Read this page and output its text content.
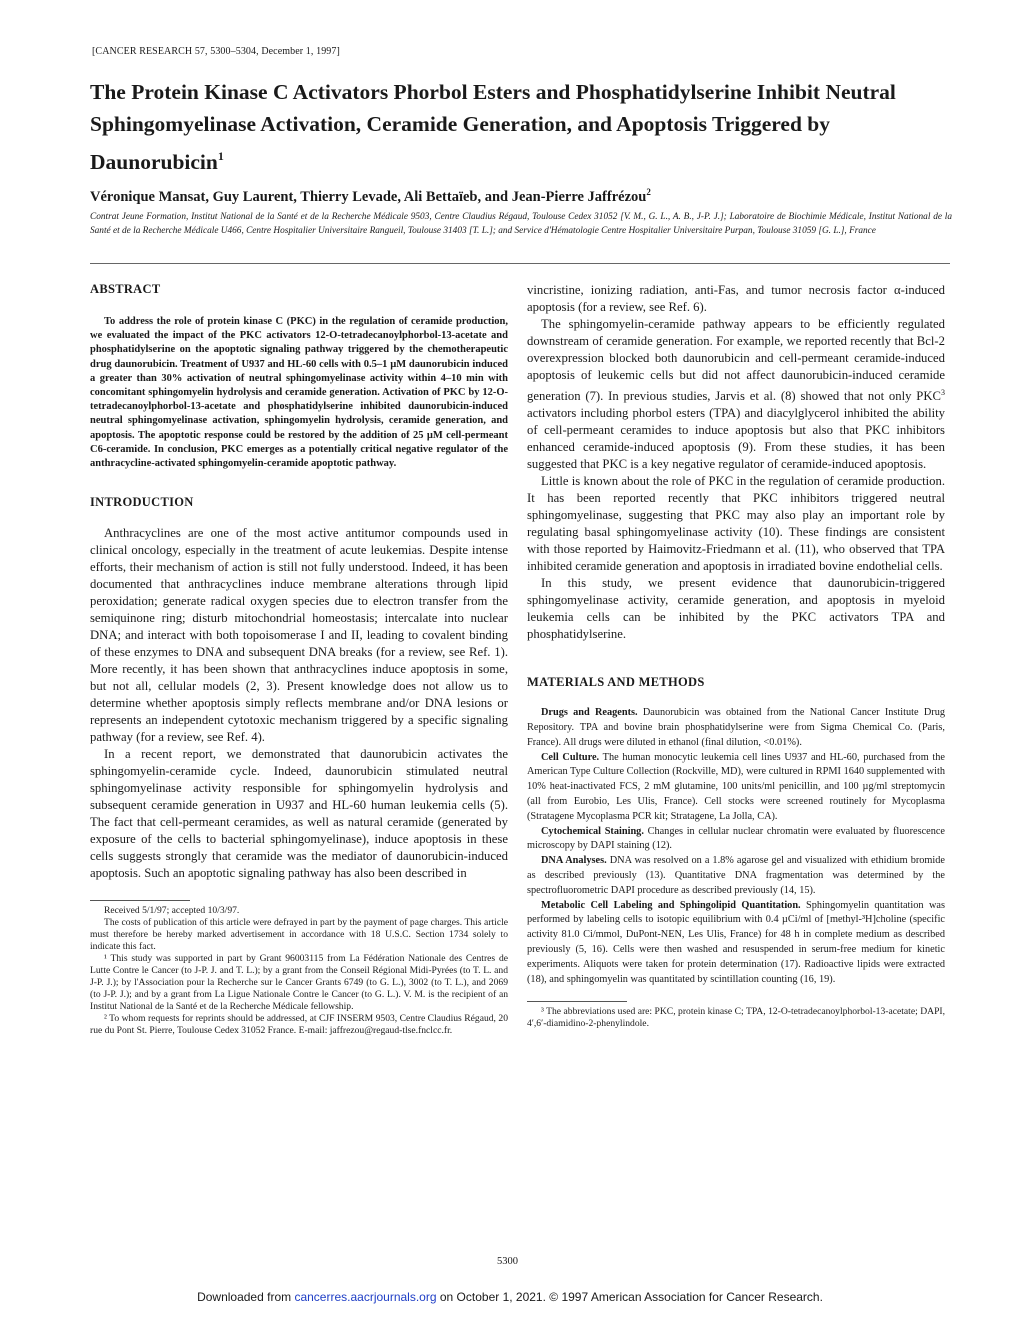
[CANCER RESEARCH 57, 5300–5304, December 1, 1997]
The Protein Kinase C Activators Phorbol Esters and Phosphatidylserine Inhibit Neutral Sphingomyelinase Activation, Ceramide Generation, and Apoptosis Triggered by Daunorubicin$^1$
Véronique Mansat, Guy Laurent, Thierry Levade, Ali Bettaïeb, and Jean-Pierre Jaffrézou$^2$
Contrat Jeune Formation, Institut National de la Santé et de la Recherche Médicale 9503, Centre Claudius Régaud, Toulouse Cedex 31052 [V. M., G. L., A. B., J-P. J.]; Laboratoire de Biochimie Médicale, Institut National de la Santé et de la Recherche Médicale U466, Centre Hospitalier Universitaire Rangueil, Toulouse 31403 [T. L.]; and Service d'Hématologie Centre Hospitalier Universitaire Purpan, Toulouse 31059 [G. L.], France
ABSTRACT

To address the role of protein kinase C (PKC) in the regulation of ceramide production, we evaluated the impact of the PKC activators 12-O-tetradecanoylphorbol-13-acetate and phosphatidylserine on the apoptotic signaling pathway triggered by the chemotherapeutic drug daunorubicin. Treatment of U937 and HL-60 cells with 0.5–1 µM daunorubicin induced a greater than 30% activation of neutral sphingomyelinase activity within 4–10 min with concomitant sphingomyelin hydrolysis and ceramide generation. Activation of PKC by 12-O-tetradecanoylphorbol-13-acetate and phosphatidylserine inhibited daunorubicin-induced neutral sphingomyelinase activation, sphingomyelin hydrolysis, ceramide generation, and apoptosis. The apoptotic response could be restored by the addition of 25 µM cell-permeant C6-ceramide. In conclusion, PKC emerges as a potentially critical negative regulator of the anthracycline-activated sphingomyelin-ceramide apoptotic pathway.

INTRODUCTION

Anthracyclines are one of the most active antitumor compounds used in clinical oncology, especially in the treatment of acute leukemias. Despite intense efforts, their mechanism of action is still not fully understood. Indeed, it has been documented that anthracyclines induce membrane alterations through lipid peroxidation; generate radical oxygen species due to electron transfer from the semiquinone ring; disturb mitochondrial homeostasis; intercalate into nuclear DNA; and interact with both topoisomerase I and II, leading to covalent binding of these enzymes to DNA and subsequent DNA breaks (for a review, see Ref. 1). More recently, it has been shown that anthracyclines induce apoptosis in some, but not all, cellular models (2, 3). Present knowledge does not allow us to determine whether apoptosis simply reflects membrane and/or DNA lesions or represents an independent cytotoxic mechanism triggered by a specific signaling pathway (for a review, see Ref. 4).

In a recent report, we demonstrated that daunorubicin activates the sphingomyelin-ceramide cycle. Indeed, daunorubicin stimulated neutral sphingomyelinase activity responsible for sphingomyelin hydrolysis and subsequent ceramide generation in U937 and HL-60 human leukemia cells (5). The fact that cell-permeant ceramides, as well as natural ceramide (generated by exposure of the cells to bacterial sphingomyelinase), induce apoptosis in these cells suggests strongly that ceramide was the mediator of daunorubicin-induced apoptosis. Such an apoptotic signaling pathway has also been described in

Received 5/1/97; accepted 10/3/97.

The costs of publication of this article were defrayed in part by the payment of page charges. This article must therefore be hereby marked advertisement in accordance with 18 U.S.C. Section 1734 solely to indicate this fact.

¹ This study was supported in part by Grant 96003115 from La Fédération Nationale des Centres de Lutte Contre le Cancer (to J-P. J. and T. L.); by a grant from the Conseil Régional Midi-Pyrées (to T. L. and J-P. J.); by l'Association pour la Recherche sur le Cancer Grants 6749 (to G. L.), 3002 (to T. L.), and 2069 (to J-P. J.); and by a grant from La Ligue Nationale Contre le Cancer (to G. L.). V. M. is the recipient of an Institut National de la Santé et de la Recherche Médicale fellowship.

² To whom requests for reprints should be addressed, at CJF INSERM 9503, Centre Claudius Régaud, 20 rue du Pont St. Pierre, Toulouse Cedex 31052 France. E-mail: jaffrezou@regaud-tlse.fnclcc.fr.

vincristine, ionizing radiation, anti-Fas, and tumor necrosis factor α-induced apoptosis (for a review, see Ref. 6).

The sphingomyelin-ceramide pathway appears to be efficiently regulated downstream of ceramide generation. For example, we reported recently that Bcl-2 overexpression blocked both daunorubicin and cell-permeant ceramide-induced apoptosis of leukemic cells but did not affect daunorubicin-induced ceramide generation (7). In previous studies, Jarvis et al. (8) showed that not only PKC$^3$ activators including phorbol esters (TPA) and diacylglycerol inhibited the ability of cell-permeant ceramides to induce apoptosis but also that PKC inhibitors enhanced ceramide-induced apoptosis (9). From these studies, it has been suggested that PKC is a key negative regulator of ceramide-induced apoptosis.

Little is known about the role of PKC in the regulation of ceramide production. It has been reported recently that PKC inhibitors triggered neutral sphingomyelinase, suggesting that PKC may also play an important role by regulating basal sphingomyelinase activity (10). These findings are consistent with those reported by Haimovitz-Friedmann et al. (11), who observed that TPA inhibited ceramide generation and apoptosis in irradiated bovine endothelial cells.

In this study, we present evidence that daunorubicin-triggered sphingomyelinase activity, ceramide generation, and apoptosis in myeloid leukemia cells can be inhibited by the PKC activators TPA and phosphatidylserine.

MATERIALS AND METHODS

Drugs and Reagents. Daunorubicin was obtained from the National Cancer Institute Drug Repository. TPA and bovine brain phosphatidylserine were from Sigma Chemical Co. (Paris, France). All drugs were diluted in ethanol (final dilution, <0.01%).

Cell Culture. The human monocytic leukemia cell lines U937 and HL-60, purchased from the American Type Culture Collection (Rockville, MD), were cultured in RPMI 1640 supplemented with 10% heat-inactivated FCS, 2 mM glutamine, 100 units/ml penicillin, and 100 µg/ml streptomycin (all from Eurobio, Les Ulis, France). Cell stocks were screened routinely for Mycoplasma (Stratagene Mycoplasma PCR kit; Stratagene, La Jolla, CA).

Cytochemical Staining. Changes in cellular nuclear chromatin were evaluated by fluorescence microscopy by DAPI staining (12).

DNA Analyses. DNA was resolved on a 1.8% agarose gel and visualized with ethidium bromide as described previously (13). Quantitative DNA fragmentation was determined by the spectrofluorometric DAPI procedure as described previously (14, 15).

Metabolic Cell Labeling and Sphingolipid Quantitation. Sphingomyelin quantitation was performed by labeling cells to isotopic equilibrium with 0.4 µCi/ml of [methyl-³H]choline (specific activity 81.0 Ci/mmol, DuPont-NEN, Les Ulis, France) for 48 h in complete medium as described previously (5, 16). Cells were then washed and resuspended in serum-free medium for kinetic experiments. Aliquots were taken for protein determination (17). Radioactive lipids were extracted (18), and sphingomyelin was quantitated by scintillation counting (16, 19).

³ The abbreviations used are: PKC, protein kinase C; TPA, 12-O-tetradecanoylphorbol-13-acetate; DAPI, 4′,6′-diamidino-2-phenylindole.

5300
Downloaded from cancerres.aacrjournals.org on October 1, 2021. © 1997 American Association for Cancer Research.
